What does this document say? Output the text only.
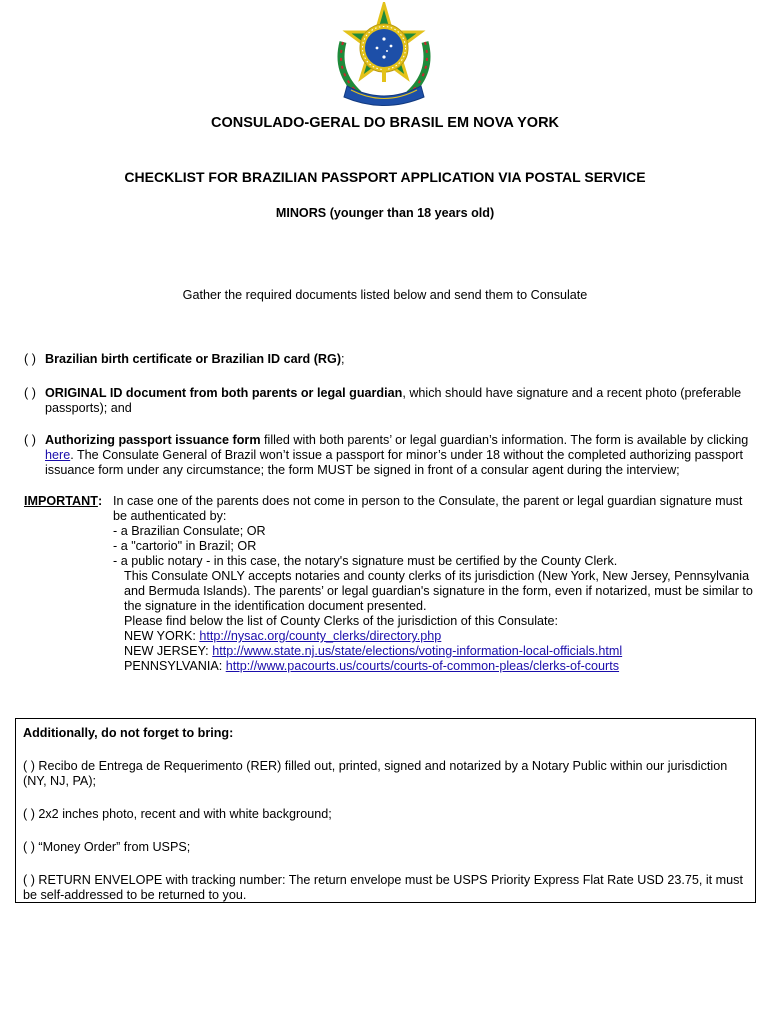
CONSULADO-GERAL DO BRASIL EM NOVA YORK
CHECKLIST FOR BRAZILIAN PASSPORT APPLICATION VIA POSTAL SERVICE
MINORS (younger than 18 years old)
Gather the required documents listed below and send them to Consulate
( ) Brazilian birth certificate or Brazilian ID card (RG);
( ) ORIGINAL ID document from both parents or legal guardian, which should have signature and a recent photo (preferable passports); and
( ) Authorizing passport issuance form filled with both parents’ or legal guardian’s information. The form is available by clicking here. The Consulate General of Brazil won’t issue a passport for minor’s under 18 without the completed authorizing passport issuance form under any circumstance; the form MUST be signed in front of a consular agent during the interview;
IMPORTANT : In case one of the parents does not come in person to the Consulate, the parent or legal guardian signature must be authenticated by:
- a Brazilian Consulate; OR
- a "cartorio" in Brazil; OR
- a public notary - in this case, the notary's signature must be certified by the County Clerk.
This Consulate ONLY accepts notaries and county clerks of its jurisdiction (New York, New Jersey, Pennsylvania and Bermuda Islands). The parents’ or legal guardian's signature in the form, even if notarized, must be similar to the signature in the identification document presented.
Please find below the list of County Clerks of the jurisdiction of this Consulate:
NEW YORK: http://nysac.org/county_clerks/directory.php
NEW JERSEY: http://www.state.nj.us/state/elections/voting-information-local-officials.html
PENNSYLVANIA: http://www.pacourts.us/courts/courts-of-common-pleas/clerks-of-courts
Additionally, do not forget to bring:
( ) Recibo de Entrega de Requerimento (RER) filled out, printed, signed and notarized by a Notary Public within our jurisdiction (NY, NJ, PA);
( ) 2x2 inches photo, recent and with white background;
( ) “Money Order” from USPS;
( ) RETURN ENVELOPE with tracking number: The return envelope must be USPS Priority Express Flat Rate USD 23.75, it must be self-addressed to be returned to you.
